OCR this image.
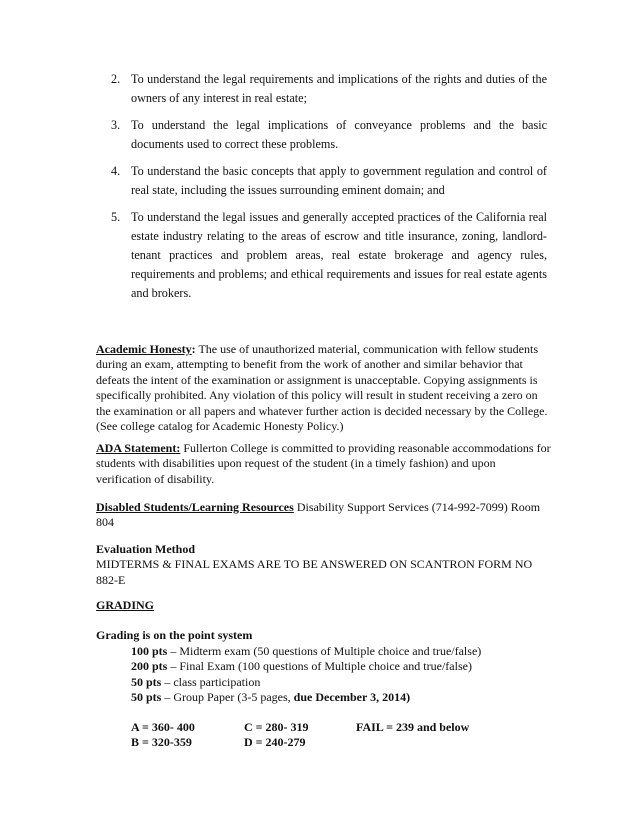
2. To understand the legal requirements and implications of the rights and duties of the owners of any interest in real estate;
3. To understand the legal implications of conveyance problems and the basic documents used to correct these problems.
4. To understand the basic concepts that apply to government regulation and control of real state, including the issues surrounding eminent domain; and
5. To understand the legal issues and generally accepted practices of the California real estate industry relating to the areas of escrow and title insurance, zoning, landlord-tenant practices and problem areas, real estate brokerage and agency rules, requirements and problems; and ethical requirements and issues for real estate agents and brokers.
Academic Honesty: The use of unauthorized material, communication with fellow students during an exam, attempting to benefit from the work of another and similar behavior that defeats the intent of the examination or assignment is unacceptable. Copying assignments is specifically prohibited. Any violation of this policy will result in student receiving a zero on the examination or all papers and whatever further action is decided necessary by the College. (See college catalog for Academic Honesty Policy.)
ADA Statement: Fullerton College is committed to providing reasonable accommodations for students with disabilities upon request of the student (in a timely fashion) and upon verification of disability.
Disabled Students/Learning Resources Disability Support Services (714-992-7099) Room 804
Evaluation Method
MIDTERMS & FINAL EXAMS ARE TO BE ANSWERED ON SCANTRON FORM NO 882-E
GRADING
Grading is on the point system
100 pts – Midterm exam (50 questions of Multiple choice and true/false)
200 pts – Final Exam (100 questions of Multiple choice and true/false)
50 pts – class participation
50 pts – Group Paper (3-5 pages, due December 3, 2014)
A = 360- 400	C = 280- 319	FAIL = 239 and below
B = 320-359	D = 240-279
